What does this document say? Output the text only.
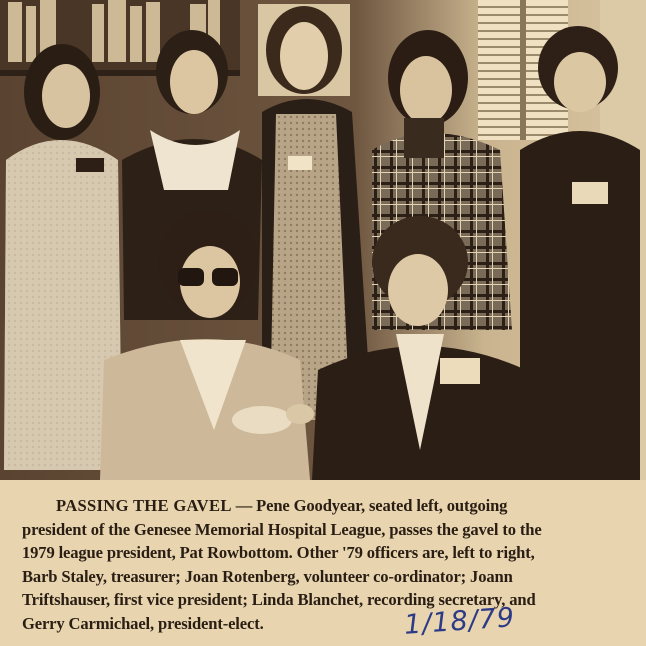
PASSING THE GAVEL — Pene Goodyear, seated left, outgoing
president of the Genesee Memorial Hospital League, passes the gavel to the
1979 league president, Pat Rowbottom. Other '79 officers are, left to right,
Barb Staley, treasurer; Joan Rotenberg, volunteer co-ordinator; Joann
Triftshauser, first vice president; Linda Blanchet, recording secretary, and
Gerry Carmichael, president-elect.	1/18/79
